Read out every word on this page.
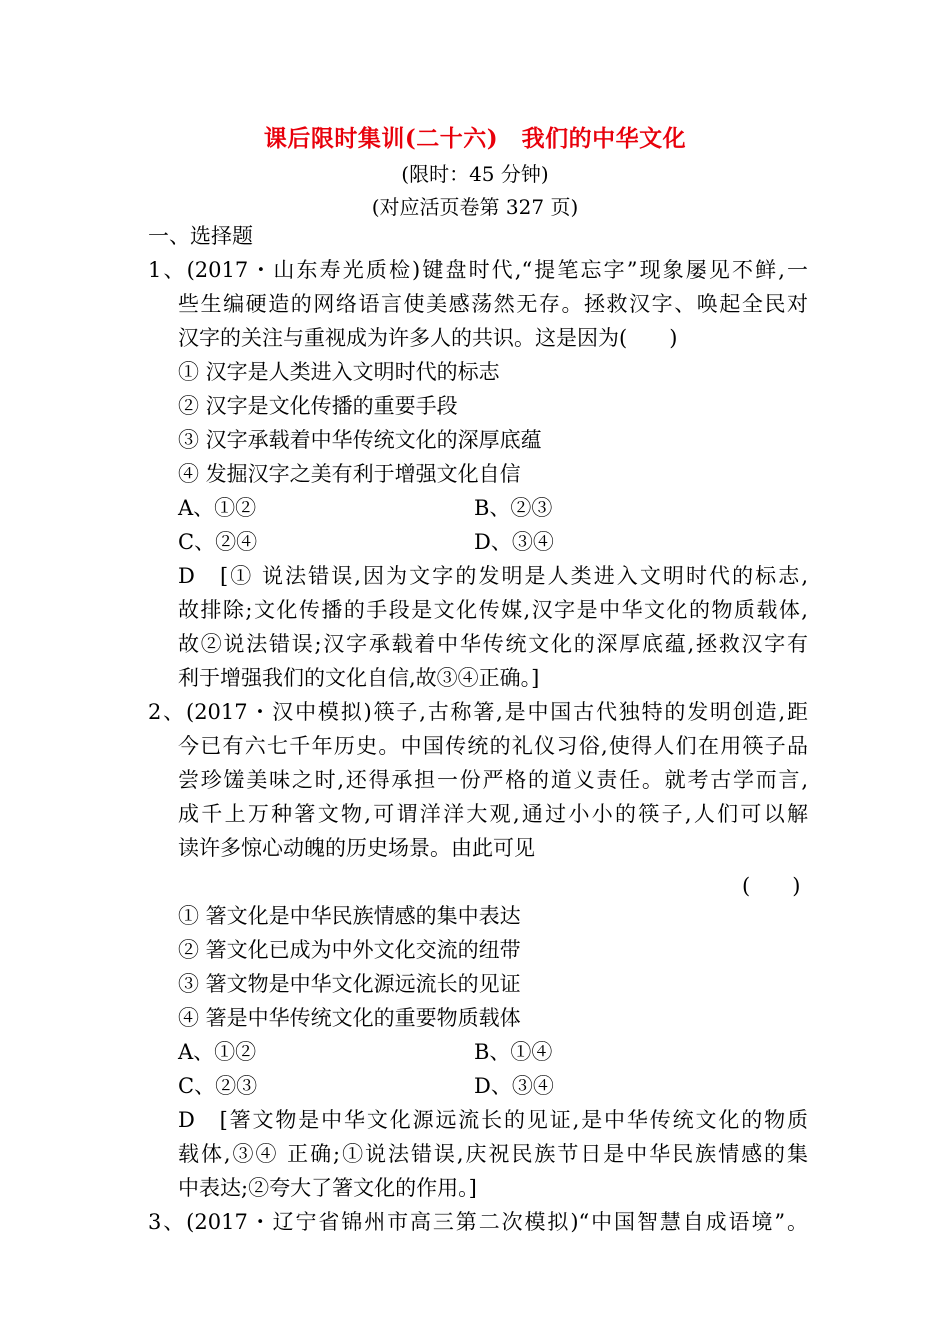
课后限时集训(二十六)　我们的中华文化
(限时：45 分钟)
(对应活页卷第 327 页)
一、选择题
1、(2017・山东寿光质检)键盘时代,“提笔忘字”现象屡见不鲜,一
些生编硬造的网络语言使美感荡然无存。拯救汉字、唤起全民对
汉字的关注与重视成为许多人的共识。这是因为(　　)
① 汉字是人类进入文明时代的标志
② 汉字是文化传播的重要手段
③ 汉字承载着中华传统文化的深厚底蕴
④ 发掘汉字之美有利于增强文化自信
A、①②	B、②③
C、②④	D、③④
D　[① 说法错误,因为文字的发明是人类进入文明时代的标志,
故排除;文化传播的手段是文化传媒,汉字是中华文化的物质载体,
故②说法错误;汉字承载着中华传统文化的深厚底蕴,拯救汉字有
利于增强我们的文化自信,故③④正确。]
2、(2017・汉中模拟)筷子,古称箸,是中国古代独特的发明创造,距
今已有六七千年历史。中国传统的礼仪习俗,使得人们在用筷子品
尝珍馐美味之时,还得承担一份严格的道义责任。就考古学而言,
成千上万种箸文物,可谓洋洋大观,通过小小的筷子,人们可以解
读许多惊心动魄的历史场景。由此可见
(　　)
① 箸文化是中华民族情感的集中表达
② 箸文化已成为中外文化交流的纽带
③ 箸文物是中华文化源远流长的见证
④ 箸是中华传统文化的重要物质载体
A、①②	B、①④
C、②③	D、③④
D　[箸文物是中华文化源远流长的见证,是中华传统文化的物质
载体,③④ 正确;①说法错误,庆祝民族节日是中华民族情感的集
中表达;②夸大了箸文化的作用。]
3、(2017・辽宁省锦州市高三第二次模拟)“中国智慧自成语境”。
